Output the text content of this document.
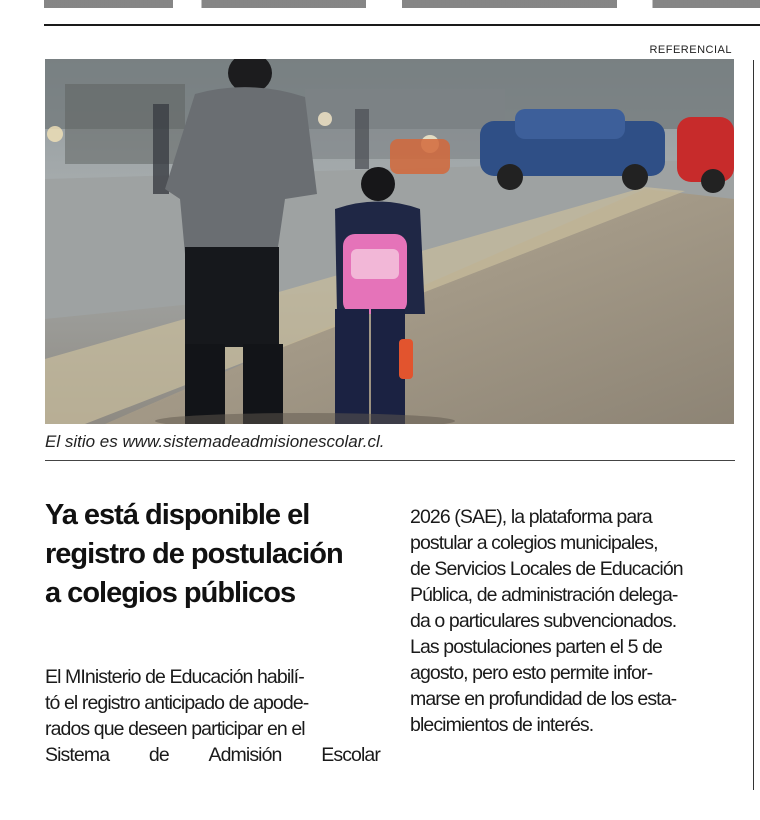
REFERENCIAL
El sitio es www.sistemadeadmisionescolar.cl.
Ya está disponible el
registro de postulación
a colegios públicos
El MInisterio de Educación habilí-
tó el registro anticipado de apode-
rados que deseen participar en el
Sistema de Admisión Escolar
2026 (SAE), la plataforma para
postular a colegios municipales,
de Servicios Locales de Educación
Pública, de administración delega-
da o particulares subvencionados.
Las postulaciones parten el 5 de
agosto, pero esto permite infor-
marse en profundidad de los esta-
blecimientos de interés.
